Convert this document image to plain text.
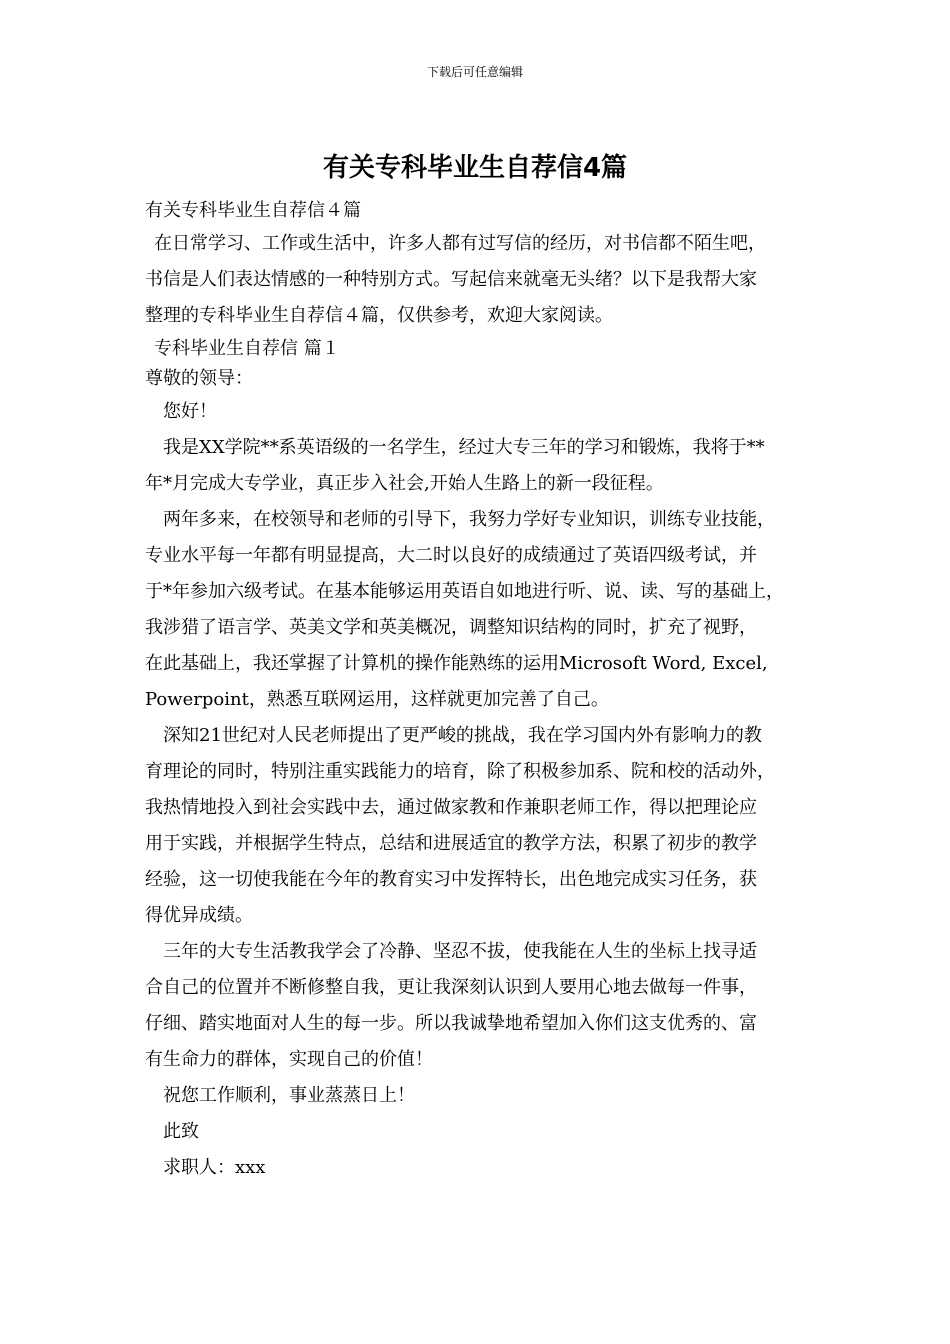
下载后可任意编辑
有关专科毕业生自荐信4篇
有关专科毕业生自荐信４篇
在日常学习、工作或生活中，许多人都有过写信的经历，对书信都不陌生吧，
书信是人们表达情感的一种特别方式。写起信来就毫无头绪？以下是我帮大家
整理的专科毕业生自荐信４篇，仅供参考，欢迎大家阅读。
专科毕业生自荐信 篇１
尊敬的领导：
您好！
我是XX学院**系英语级的一名学生，经过大专三年的学习和锻炼，我将于**
年*月完成大专学业，真正步入社会,开始人生路上的新一段征程。
两年多来，在校领导和老师的引导下，我努力学好专业知识，训练专业技能，
专业水平每一年都有明显提高，大二时以良好的成绩通过了英语四级考试，并
于*年参加六级考试。在基本能够运用英语自如地进行听、说、读、写的基础上，
我涉猎了语言学、英美文学和英美概况，调整知识结构的同时，扩充了视野，
在此基础上，我还掌握了计算机的操作能熟练的运用Microsoft Word, Excel,
Powerpoint，熟悉互联网运用，这样就更加完善了自己。
深知21世纪对人民老师提出了更严峻的挑战，我在学习国内外有影响力的教
育理论的同时，特别注重实践能力的培育，除了积极参加系、院和校的活动外，
我热情地投入到社会实践中去，通过做家教和作兼职老师工作，得以把理论应
用于实践，并根据学生特点，总结和进展适宜的教学方法，积累了初步的教学
经验，这一切使我能在今年的教育实习中发挥特长，出色地完成实习任务，获
得优异成绩。
三年的大专生活教我学会了冷静、坚忍不拔，使我能在人生的坐标上找寻适
合自己的位置并不断修整自我，更让我深刻认识到人要用心地去做每一件事，
仔细、踏实地面对人生的每一步。所以我诚挚地希望加入你们这支优秀的、富
有生命力的群体，实现自己的价值！
祝您工作顺利，事业蒸蒸日上！
此致
求职人：xxx
